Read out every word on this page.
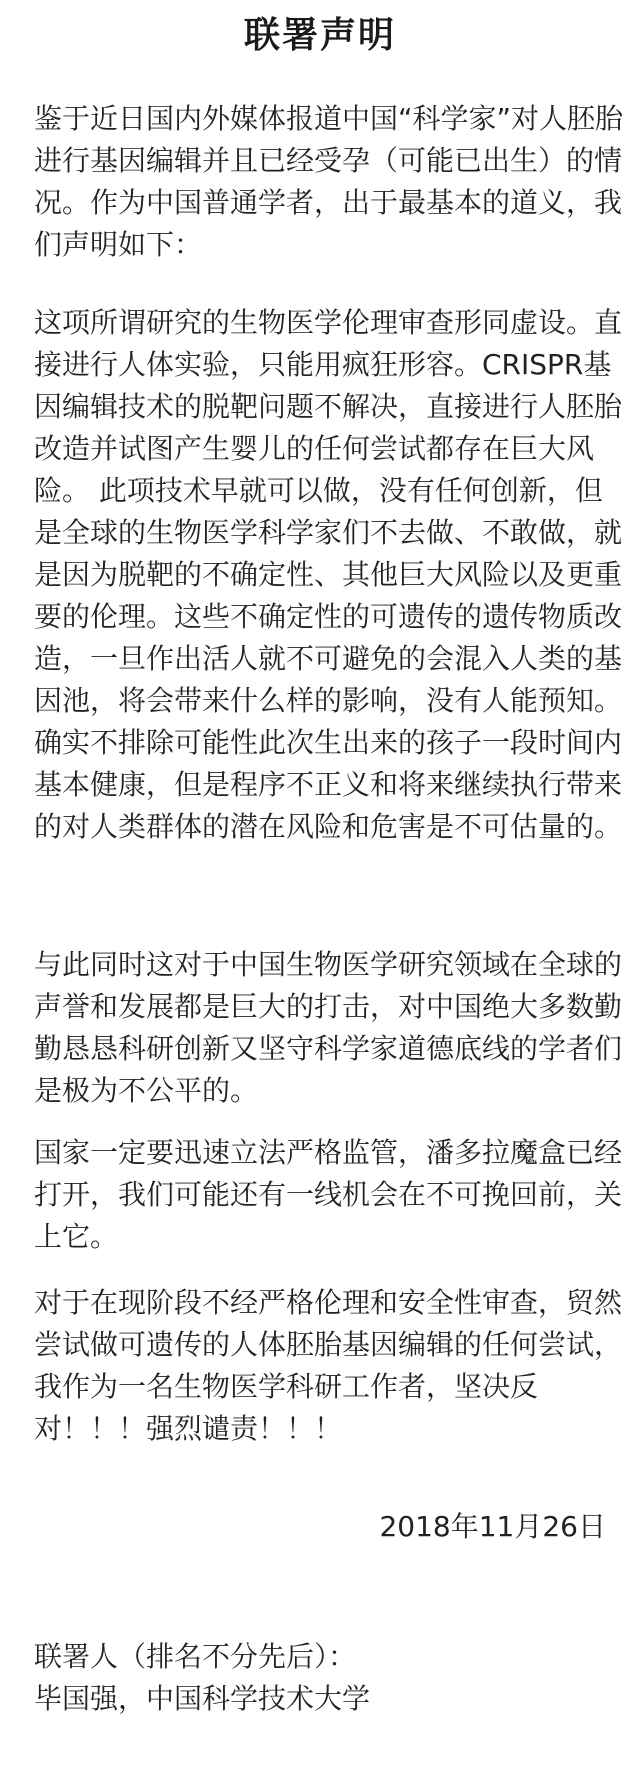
联署声明
鉴于近日国内外媒体报道中国“科学家”对人胚胎
进行基因编辑并且已经受孕（可能已出生）的情
况。作为中国普通学者，出于最基本的道义，我
们声明如下：
这项所谓研究的生物医学伦理审查形同虚设。直
接进行人体实验，只能用疯狂形容。CRISPR基
因编辑技术的脱靶问题不解决，直接进行人胚胎
改造并试图产生婴儿的任何尝试都存在巨大风
险。 此项技术早就可以做，没有任何创新，但
是全球的生物医学科学家们不去做、不敢做，就
是因为脱靶的不确定性、其他巨大风险以及更重
要的伦理。这些不确定性的可遗传的遗传物质改
造，一旦作出活人就不可避免的会混入人类的基
因池，将会带来什么样的影响，没有人能预知。
确实不排除可能性此次生出来的孩子一段时间内
基本健康，但是程序不正义和将来继续执行带来
的对人类群体的潜在风险和危害是不可估量的。
与此同时这对于中国生物医学研究领域在全球的
声誉和发展都是巨大的打击，对中国绝大多数勤
勤恳恳科研创新又坚守科学家道德底线的学者们
是极为不公平的。
国家一定要迅速立法严格监管，潘多拉魔盒已经
打开，我们可能还有一线机会在不可挽回前，关
上它。
对于在现阶段不经严格伦理和安全性审查，贸然
尝试做可遗传的人体胚胎基因编辑的任何尝试，
我作为一名生物医学科研工作者，坚决反
对！！！强烈谴责！！！
2018年11月26日
联署人（排名不分先后）：
毕国强，中国科学技术大学
